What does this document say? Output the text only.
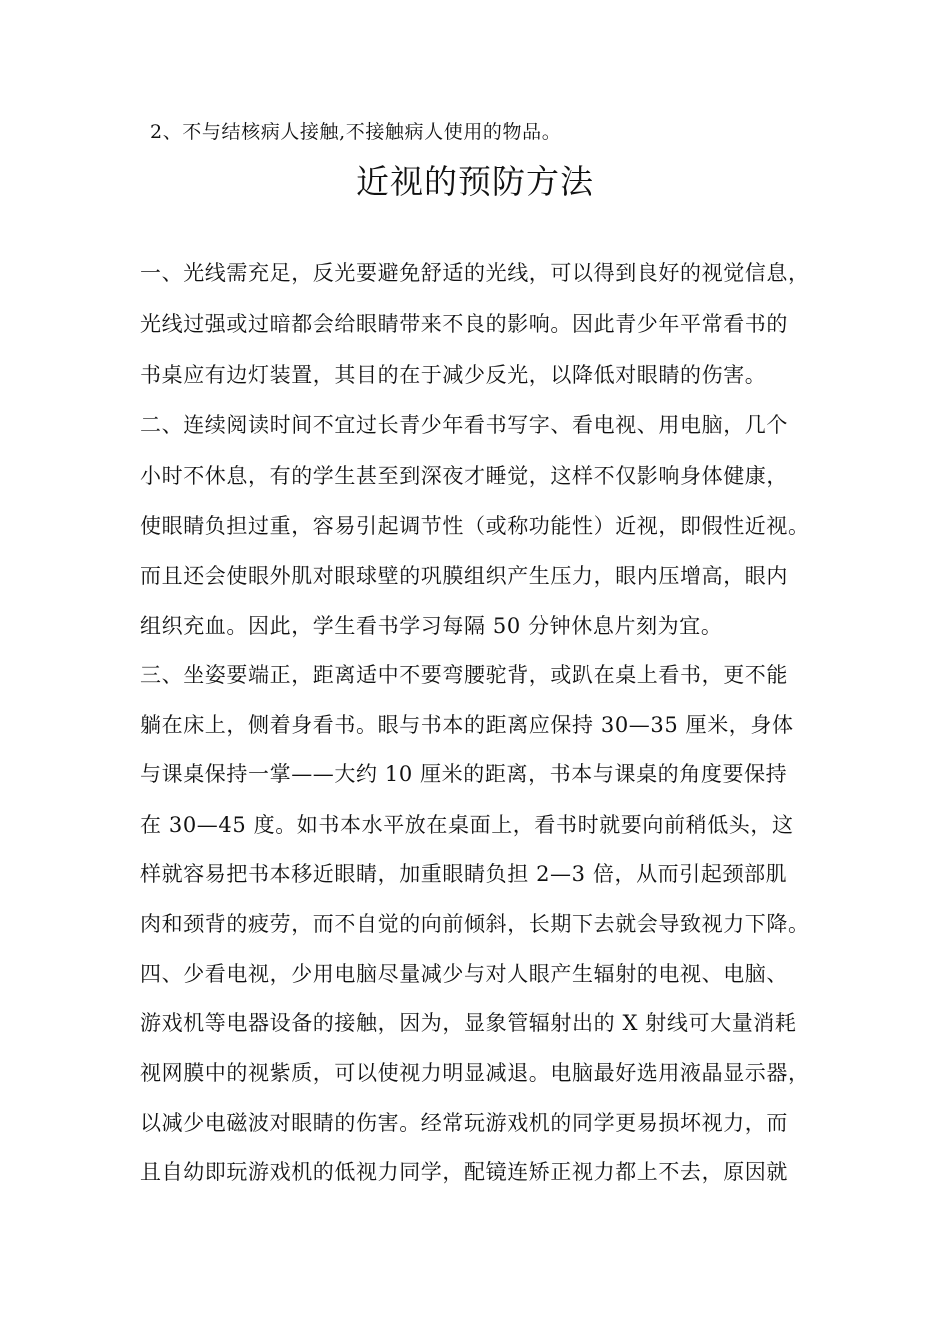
2、不与结核病人接触,不接触病人使用的物品。
近视的预防方法
一、光线需充足，反光要避免舒适的光线，可以得到良好的视觉信息，
光线过强或过暗都会给眼睛带来不良的影响。因此青少年平常看书的
书桌应有边灯装置，其目的在于减少反光，以降低对眼睛的伤害。
二、连续阅读时间不宜过长青少年看书写字、看电视、用电脑，几个
小时不休息，有的学生甚至到深夜才睡觉，这样不仅影响身体健康，
使眼睛负担过重，容易引起调节性（或称功能性）近视，即假性近视。
而且还会使眼外肌对眼球壁的巩膜组织产生压力，眼内压增高，眼内
组织充血。因此，学生看书学习每隔 50 分钟休息片刻为宜。
三、坐姿要端正，距离适中不要弯腰驼背，或趴在桌上看书，更不能
躺在床上，侧着身看书。眼与书本的距离应保持 30—35 厘米，身体
与课桌保持一掌——大约 10 厘米的距离，书本与课桌的角度要保持
在 30—45 度。如书本水平放在桌面上，看书时就要向前稍低头，这
样就容易把书本移近眼睛，加重眼睛负担 2—3 倍，从而引起颈部肌
肉和颈背的疲劳，而不自觉的向前倾斜，长期下去就会导致视力下降。
四、少看电视，少用电脑尽量减少与对人眼产生辐射的电视、电脑、
游戏机等电器设备的接触，因为，显象管辐射出的 X 射线可大量消耗
视网膜中的视紫质，可以使视力明显减退。电脑最好选用液晶显示器，
以减少电磁波对眼睛的伤害。经常玩游戏机的同学更易损坏视力，而
且自幼即玩游戏机的低视力同学，配镜连矫正视力都上不去，原因就
